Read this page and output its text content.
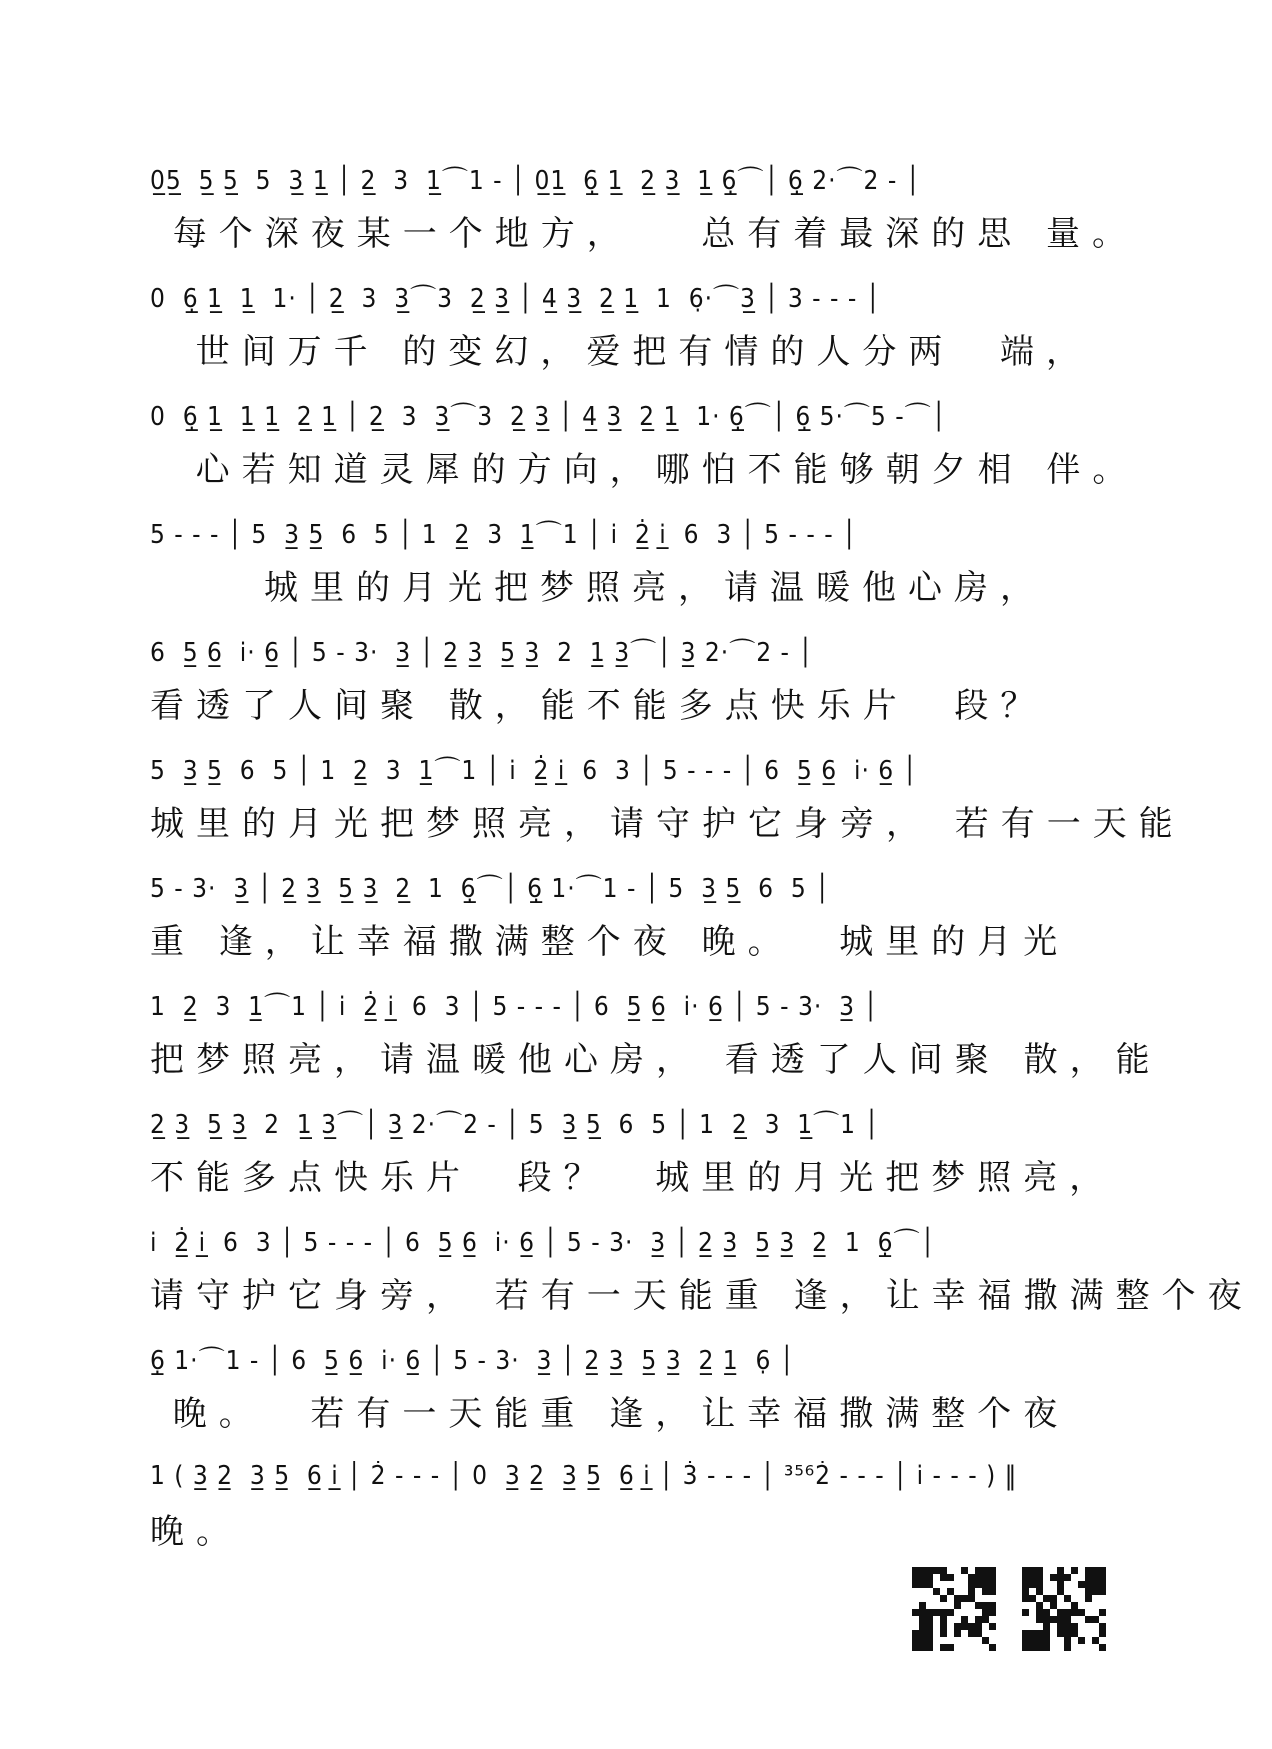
0̲5̲  5̲ 5̲  5  3̲ 1̲ │ 2̲  3  1̲⌒1 - │ 0̲1̲  6̣̲ 1̲  2̲ 3̲  1̲ 6̣̲⌒│ 6̣̲ 2·⌒2 - │
每个深夜某一个地方，   总有着最深的思 量。
0  6̣̲ 1̲  1̲  1· │ 2̲  3  3̲⌒3  2̲ 3̲ │ 4̲ 3̲  2̲ 1̲  1  6̣·⌒3̲ │ 3 - - - │
世间万千 的变幻，爱把有情的人分两  端，
0  6̣̲ 1̲  1̲ 1̲  2̲ 1̲ │ 2̲  3  3̲⌒3  2̲ 3̲ │ 4̲ 3̲  2̲ 1̲  1· 6̣̲⌒│ 6̣̲ 5·⌒5 -⌒│
心若知道灵犀的方向，哪怕不能够朝夕相 伴。
5 - - - │ 5  3̲ 5̲  6  5 │ 1  2̲  3  1̲⌒1 │ i̇  2̲̇ i̲̇  6  3 │ 5 - - - │
城里的月光把梦照亮，请温暖他心房，
6  5̲ 6̲  i̇· 6̲ │ 5 - 3·  3̲ │ 2̲ 3̲  5̲ 3̲  2  1̲ 3̲⌒│ 3̲ 2·⌒2 - │
看透了人间聚 散，能不能多点快乐片  段？
5  3̲ 5̲  6  5 │ 1  2̲  3  1̲⌒1 │ i̇  2̲̇ i̲̇  6  3 │ 5 - - - │ 6  5̲ 6̲  i̇· 6̲ │
城里的月光把梦照亮，请守护它身旁， 若有一天能
5 - 3·  3̲ │ 2̲ 3̲  5̲ 3̲  2̲  1  6̣̲⌒│ 6̣̲ 1·⌒1 - │ 5  3̲ 5̲  6  5 │
重 逢，让幸福撒满整个夜 晚。  城里的月光
1  2̲  3  1̲⌒1 │ i̇  2̲̇ i̲̇  6  3 │ 5 - - - │ 6  5̲ 6̲  i̇· 6̲ │ 5 - 3·  3̲ │
把梦照亮，请温暖他心房， 看透了人间聚 散，能
2̲ 3̲  5̲ 3̲  2  1̲ 3̲⌒│ 3̲ 2·⌒2 - │ 5  3̲ 5̲  6  5 │ 1  2̲  3  1̲⌒1 │
不能多点快乐片  段？  城里的月光把梦照亮，
i̇  2̲̇ i̲̇  6  3 │ 5 - - - │ 6  5̲ 6̲  i̇· 6̲ │ 5 - 3·  3̲ │ 2̲ 3̲  5̲ 3̲  2̲  1  6̣̲⌒│
请守护它身旁， 若有一天能重 逢，让幸福撒满整个夜
6̣̲ 1·⌒1 - │ 6  5̲ 6̲  i̇· 6̲ │ 5 - 3·  3̲ │ 2̲ 3̲  5̲ 3̲  2̲ 1̲  6̣ │
晚。  若有一天能重 逢，让幸福撒满整个夜
1 ( 3̲ 2̲  3̲ 5̲  6̲ i̲̇ │ 2̇ - - - │ 0  3̲ 2̲  3̲ 5̲  6̲ i̲̇ │ 3̇ - - - │ ³⁵⁶2̇ - - - │ i̇ - - - ) ‖
晚。
